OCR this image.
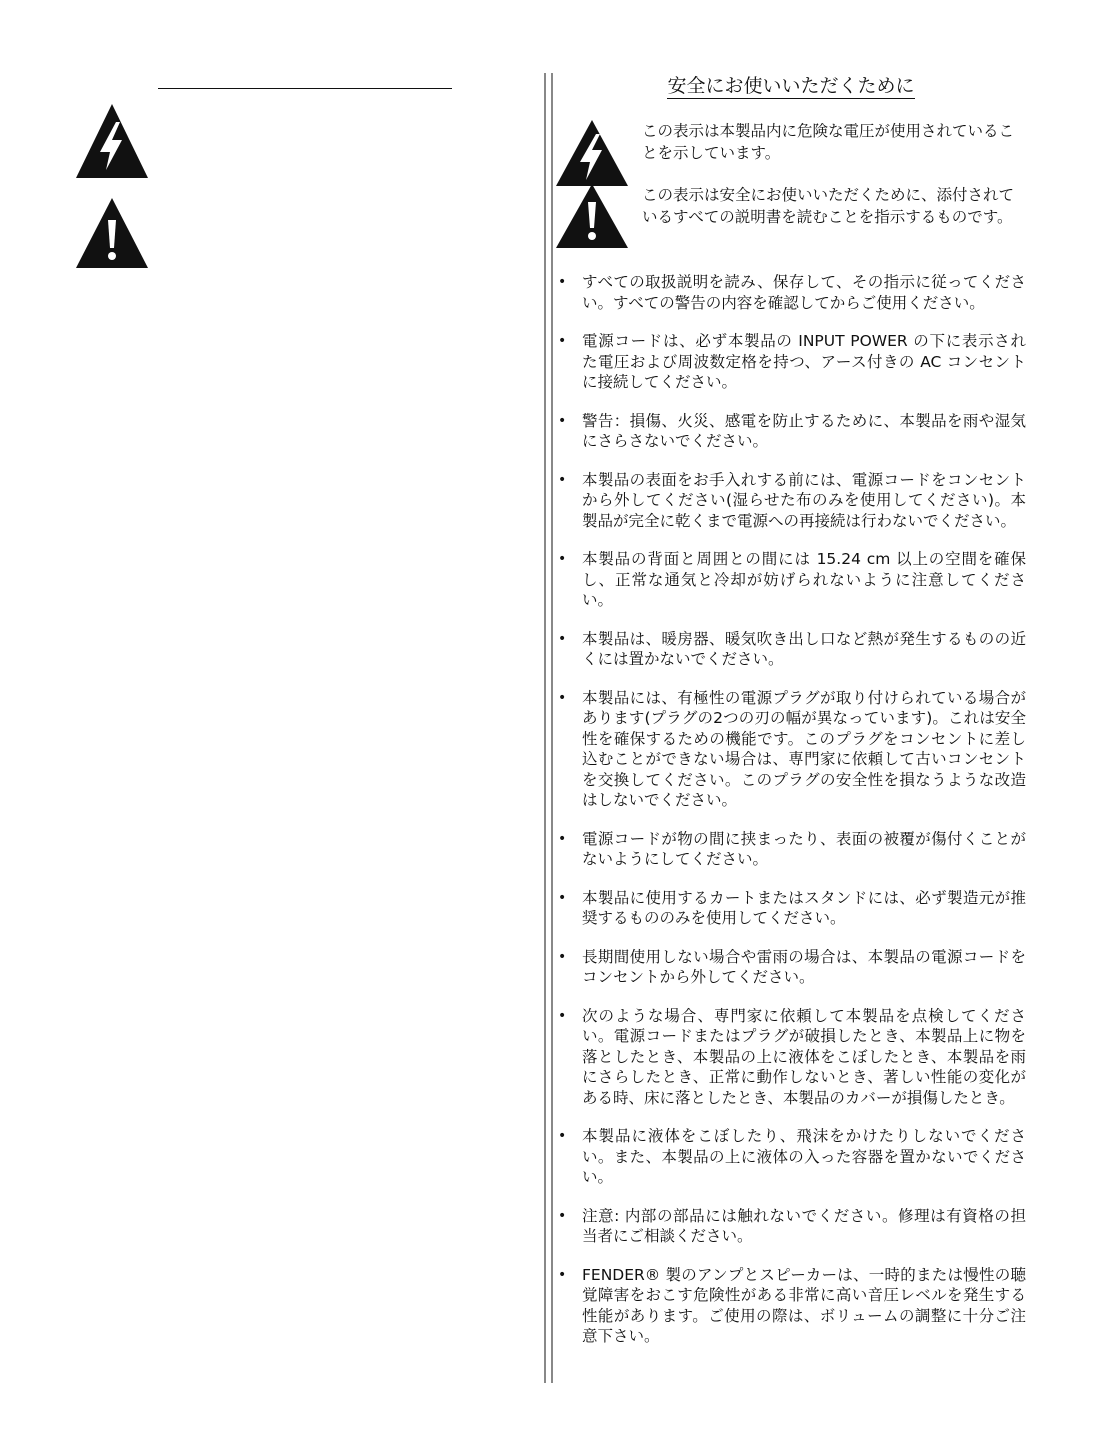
安全にお使いいただくために

この表示は本製品内に危険な電圧が使用されていることを示しています。

この表示は安全にお使いいただくために、添付されているすべての説明書を読むことを指示するものです。

• すべての取扱説明を読み、保存して、その指示に従ってください。すべての警告の内容を確認してからご使用ください。
• 電源コードは、必ず本製品の INPUT POWER の下に表示された電圧および周波数定格を持つ、アース付きの AC コンセントに接続してください。
• 警告：損傷、火災、感電を防止するために、本製品を雨や湿気にさらさないでください。
• 本製品の表面をお手入れする前には、電源コードをコンセントから外してください(湿らせた布のみを使用してください)。本製品が完全に乾くまで電源への再接続は行わないでください。
• 本製品の背面と周囲との間には 15.24 cm 以上の空間を確保し、正常な通気と冷却が妨げられないように注意してください。
• 本製品は、暖房器、暖気吹き出し口など熱が発生するものの近くには置かないでください。
• 本製品には、有極性の電源プラグが取り付けられている場合があります(プラグの2つの刃の幅が異なっています)。これは安全性を確保するための機能です。このプラグをコンセントに差し込むことができない場合は、専門家に依頼して古いコンセントを交換してください。このプラグの安全性を損なうような改造はしないでください。
• 電源コードが物の間に挟まったり、表面の被覆が傷付くことがないようにしてください。
• 本製品に使用するカートまたはスタンドには、必ず製造元が推奨するもののみを使用してください。
• 長期間使用しない場合や雷雨の場合は、本製品の電源コードをコンセントから外してください。
• 次のような場合、専門家に依頼して本製品を点検してください。電源コードまたはプラグが破損したとき、本製品上に物を落としたとき、本製品の上に液体をこぼしたとき、本製品を雨にさらしたとき、正常に動作しないとき、著しい性能の変化がある時、床に落としたとき、本製品のカバーが損傷したとき。
• 本製品に液体をこぼしたり、飛沫をかけたりしないでください。また、本製品の上に液体の入った容器を置かないでください。
• 注意: 内部の部品には触れないでください。修理は有資格の担当者にご相談ください。
• FENDER® 製のアンプとスピーカーは、一時的または慢性の聴覚障害をおこす危険性がある非常に高い音圧レベルを発生する性能があります。ご使用の際は、ボリュームの調整に十分ご注意下さい。
